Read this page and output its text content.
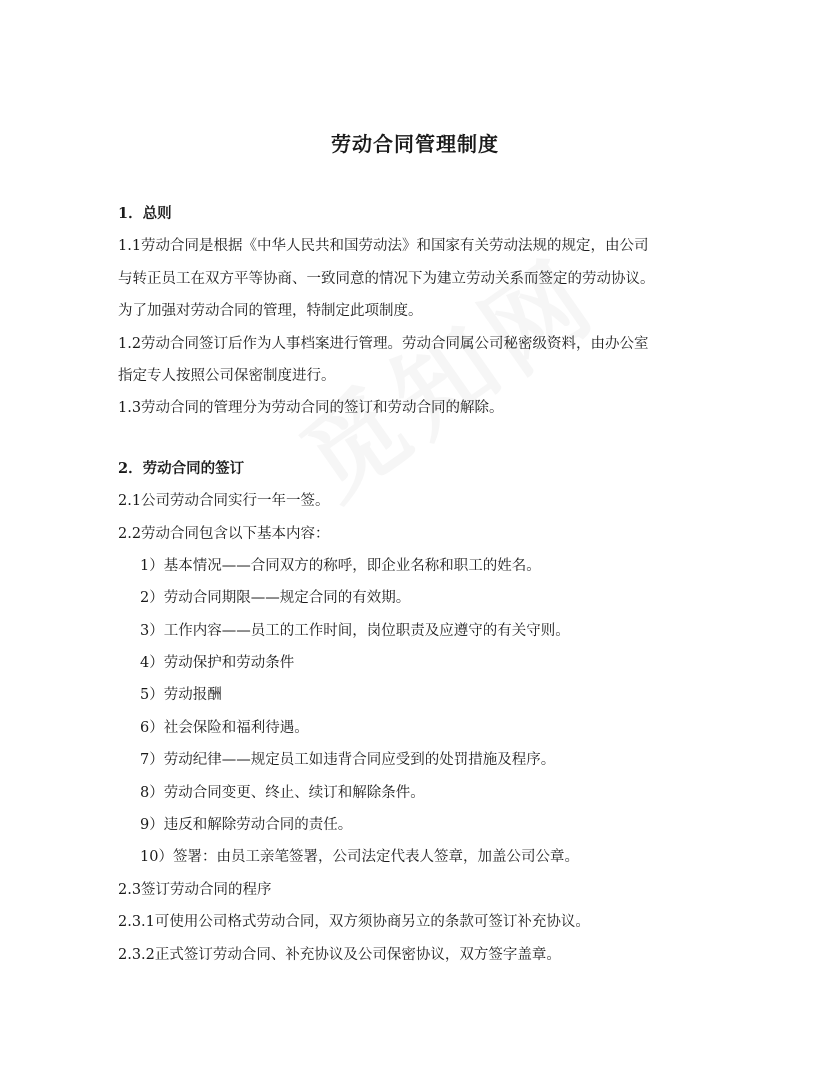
劳动合同管理制度
1．总则
1.1劳动合同是根据《中华人民共和国劳动法》和国家有关劳动法规的规定，由公司
与转正员工在双方平等协商、一致同意的情况下为建立劳动关系而签定的劳动协议。
为了加强对劳动合同的管理，特制定此项制度。
1.2劳动合同签订后作为人事档案进行管理。劳动合同属公司秘密级资料，由办公室
指定专人按照公司保密制度进行。
1.3劳动合同的管理分为劳动合同的签订和劳动合同的解除。
2．劳动合同的签订
2.1公司劳动合同实行一年一签。
2.2劳动合同包含以下基本内容：
1）基本情况——合同双方的称呼，即企业名称和职工的姓名。
2）劳动合同期限——规定合同的有效期。
3）工作内容——员工的工作时间，岗位职责及应遵守的有关守则。
4）劳动保护和劳动条件
5）劳动报酬
6）社会保险和福利待遇。
7）劳动纪律——规定员工如违背合同应受到的处罚措施及程序。
8）劳动合同变更、终止、续订和解除条件。
9）违反和解除劳动合同的责任。
10）签署：由员工亲笔签署，公司法定代表人签章，加盖公司公章。
2.3签订劳动合同的程序
2.3.1可使用公司格式劳动合同，双方须协商另立的条款可签订补充协议。
2.3.2正式签订劳动合同、补充协议及公司保密协议，双方签字盖章。
